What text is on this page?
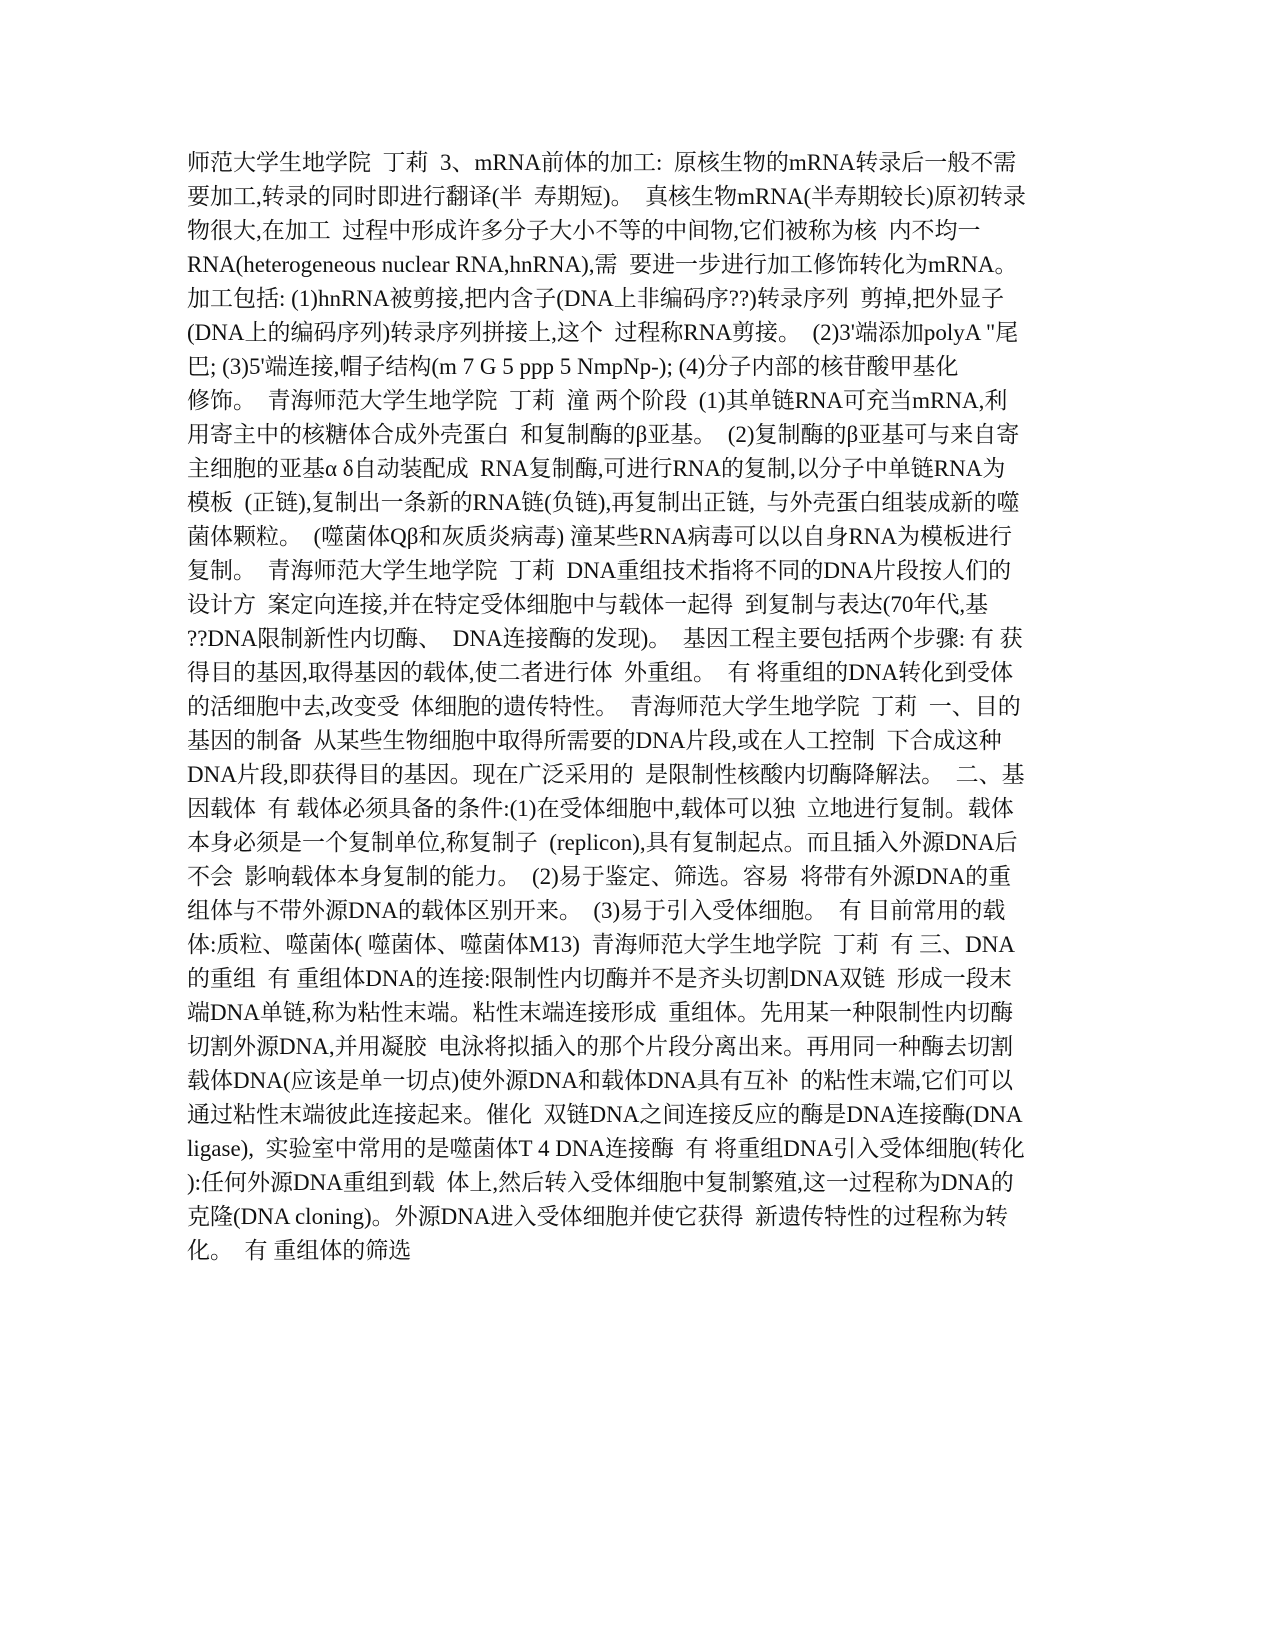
师范大学生地学院  丁莉  3、mRNA前体的加工:  原核生物的mRNA转录后一般不需
要加工,转录的同时即进行翻译(半  寿期短)。  真核生物mRNA(半寿期较长)原初转录
物很大,在加工  过程中形成许多分子大小不等的中间物,它们被称为核  内不均一
RNA(heterogeneous nuclear RNA,hnRNA),需  要进一步进行加工修饰转化为mRNA。
加工包括: (1)hnRNA被剪接,把内含子(DNA上非编码序??)转录序列  剪掉,把外显子
(DNA上的编码序列)转录序列拼接上,这个  过程称RNA剪接。  (2)3'端添加polyA "尾
巴; (3)5'端连接,帽子结构(m 7 G 5 ppp 5 NmpNp-); (4)分子内部的核苷酸甲基化
修饰。  青海师范大学生地学院  丁莉  潼 两个阶段  (1)其单链RNA可充当mRNA,利
用寄主中的核糖体合成外壳蛋白  和复制酶的β亚基。  (2)复制酶的β亚基可与来自寄
主细胞的亚基α δ自动装配成  RNA复制酶,可进行RNA的复制,以分子中单链RNA为
模板  (正链),复制出一条新的RNA链(负链),再复制出正链,  与外壳蛋白组装成新的噬
菌体颗粒。  (噬菌体Qβ和灰质炎病毒) 潼某些RNA病毒可以以自身RNA为模板进行
复制。  青海师范大学生地学院  丁莉  DNA重组技术指将不同的DNA片段按人们的
设计方  案定向连接,并在特定受体细胞中与载体一起得  到复制与表达(70年代,基
??DNA限制新性内切酶、  DNA连接酶的发现)。  基因工程主要包括两个步骤: 有 获
得目的基因,取得基因的载体,使二者进行体  外重组。  有 将重组的DNA转化到受体
的活细胞中去,改变受  体细胞的遗传特性。  青海师范大学生地学院  丁莉  一、目的
基因的制备  从某些生物细胞中取得所需要的DNA片段,或在人工控制  下合成这种
DNA片段,即获得目的基因。现在广泛采用的  是限制性核酸内切酶降解法。  二、基
因载体  有 载体必须具备的条件:(1)在受体细胞中,载体可以独  立地进行复制。载体
本身必须是一个复制单位,称复制子  (replicon),具有复制起点。而且插入外源DNA后
不会  影响载体本身复制的能力。  (2)易于鉴定、筛选。容易  将带有外源DNA的重
组体与不带外源DNA的载体区别开来。  (3)易于引入受体细胞。  有 目前常用的载
体:质粒、噬菌体( 噬菌体、噬菌体M13)  青海师范大学生地学院  丁莉  有 三、DNA
的重组  有 重组体DNA的连接:限制性内切酶并不是齐头切割DNA双链  形成一段末
端DNA单链,称为粘性末端。粘性末端连接形成  重组体。先用某一种限制性内切酶
切割外源DNA,并用凝胶  电泳将拟插入的那个片段分离出来。再用同一种酶去切割
载体DNA(应该是单一切点)使外源DNA和载体DNA具有互补  的粘性末端,它们可以
通过粘性末端彼此连接起来。催化  双链DNA之间连接反应的酶是DNA连接酶(DNA
ligase),  实验室中常用的是噬菌体T 4 DNA连接酶  有 将重组DNA引入受体细胞(转化
):任何外源DNA重组到载  体上,然后转入受体细胞中复制繁殖,这一过程称为DNA的
克隆(DNA cloning)。外源DNA进入受体细胞并使它获得  新遗传特性的过程称为转
化。  有 重组体的筛选
